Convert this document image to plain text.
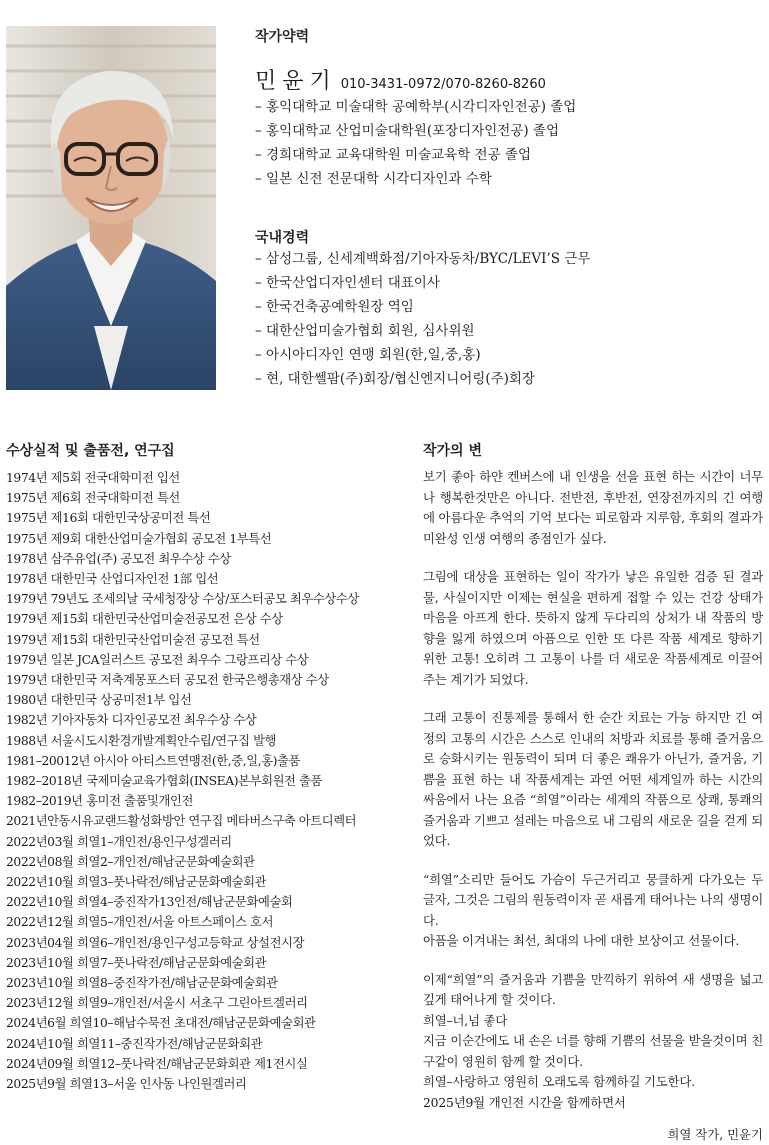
작가약력
민윤기 010-3431-0972/070-8260-8260
– 홍익대학교 미술대학 공예학부(시각디자인전공) 졸업
– 홍익대학교 산업미술대학원(포장디자인전공) 졸업
– 경희대학교 교육대학원 미술교육학 전공 졸업
– 일본 신전 전문대학 시각디자인과 수학
국내경력
– 삼성그룹, 신세계백화점/기아자동차/BYC/LEVI’S 근무
– 한국산업디자인센터 대표이사
– 한국건축공예학원장 역임
– 대한산업미술가협회 회원, 심사위원
– 아시아디자인 연맹 회원(한,일,중,홍)
– 현, 대한쎌팜(주)회장/협신엔지니어링(주)회장
수상실적 및 출품전, 연구집
1974년 제5회 전국대학미전 입선
1975년 제6회 전국대학미전 특선
1975년 제16회 대한민국상공미전 특선
1975년 제9회 대한산업미술가협회 공모전 1부특선
1978년 삼주유업(주) 공모전 최우수상 수상
1978년 대한민국 산업디자인전 1部 입선
1979년 79년도 조세의날 국세청장상 수상/포스터공모 최우수상수상
1979년 제15회 대한민국산업미술전공모전 은상 수상
1979년 제15회 대한민국산업미술전 공모전 특선
1979년 일본 JCA일러스트 공모전 최우수 그랑프리상 수상
1979년 대한민국 저축계몽포스터 공모전 한국은행총재상 수상
1980년 대한민국 상공미전1부 입선
1982년 기아자동차 디자인공모전 최우수상 수상
1988년 서울시도시환경개발계획안수립/연구집 발행
1981–20012년 아시아 아티스트연맹전(한,중,일,홍)출품
1982–2018년 국제미술교육가협회(INSEA)본부회원전 출품
1982–2019년 홍미전 출품및개인전
2021년안동시유교랜드활성화방안 연구집 메타버스구축 아트디렉터
2022년03월 희열1–개인전/용인구성겔러리
2022년08월 희열2–개인전/해남군문화예술회관
2022년10월 희열3–풋나락전/해남군문화예술회관
2022년10월 희열4–중진작가13인전/해남군문화예술회
2022년12월 희열5–개인전/서울 아트스페이스 호서
2023년04월 희열6–개인전/용인구성고등학교 상설전시장
2023년10월 희열7–풋나락전/해남군문화예술회관
2023년10월 희열8–중진작가전/해남군문화예술회관
2023년12월 희열9–개인전/서울시 서초구 그린아트겔러리
2024년6월 희열10–해남수묵전 초대전/해남군문화예술회관
2024년10월 희열11–중진작가전/해남군문화회관
2024년09월 희열12–풋나락전/해남군문화회관 제1전시실
2025년9월 희열13–서울 인사동 나인원겔러리
작가의 변

보기 좋아 하얀 켄버스에 내 인생을 선을 표현 하는 시간이 너무나 행복한것만은 아니다. 전반전, 후반전, 연장전까지의 긴 여행에 아름다운 추억의 기억 보다는 피로함과 지루함, 후회의 결과가 미완성 인생 여행의 종점인가 싶다.

그림에 대상을 표현하는 일이 작가가 낳은 유일한 검증 된 결과물, 사실이지만 이제는 현실을 편하게 접할 수 있는 건강 상태가 마음을 아프게 한다. 뜻하지 않게 두다리의 상처가 내 작품의 방향을 잃게 하였으며 아픔으로 인한 또 다른 작품 세계로 향하기 위한 고통! 오히려 그 고통이 나를 더 새로운 작품세계로 이끌어 주는 계기가 되었다.

그래 고통이 진통제를 통해서 한 순간 치료는 가능 하지만 긴 여정의 고통의 시간은 스스로 인내의 처방과 치료를 통해 즐거움으로 승화시키는 원동력이 되며 더 좋은 쾌유가 아닌가, 즐거움, 기쁨을 표현 하는 내 작품세계는 과연 어떤 세계일까 하는 시간의 싸움에서 나는 요즘 “희열”이라는 세계의 작품으로 상쾌, 통쾌의 즐거움과 기쁘고 설레는 마음으로 내 그림의 새로운 길을 걷게 되었다.

“희열”소리만 들어도 가슴이 두근거리고 뭉클하게 다가오는 두 글자, 그것은 그림의 원동력이자 곧 새롭게 태어나는 나의 생명이다.
아픔을 이겨내는 최선, 최대의 나에 대한 보상이고 선물이다.

이제“희열”의 즐거움과 기쁨을 만끽하기 위하여 새 생명을 넓고 깊게 태어나게 할 것이다.
희열–너,넘 좋다
지금 이순간에도 내 손은 너를 향해 기쁨의 선물을 받을것이며 친구같이 영원히 함께 할 것이다.
희열–사랑하고 영원히 오래도록 함께하길 기도한다.
2025년9월 개인전 시간을 함께하면서

희열 작가, 민윤기
